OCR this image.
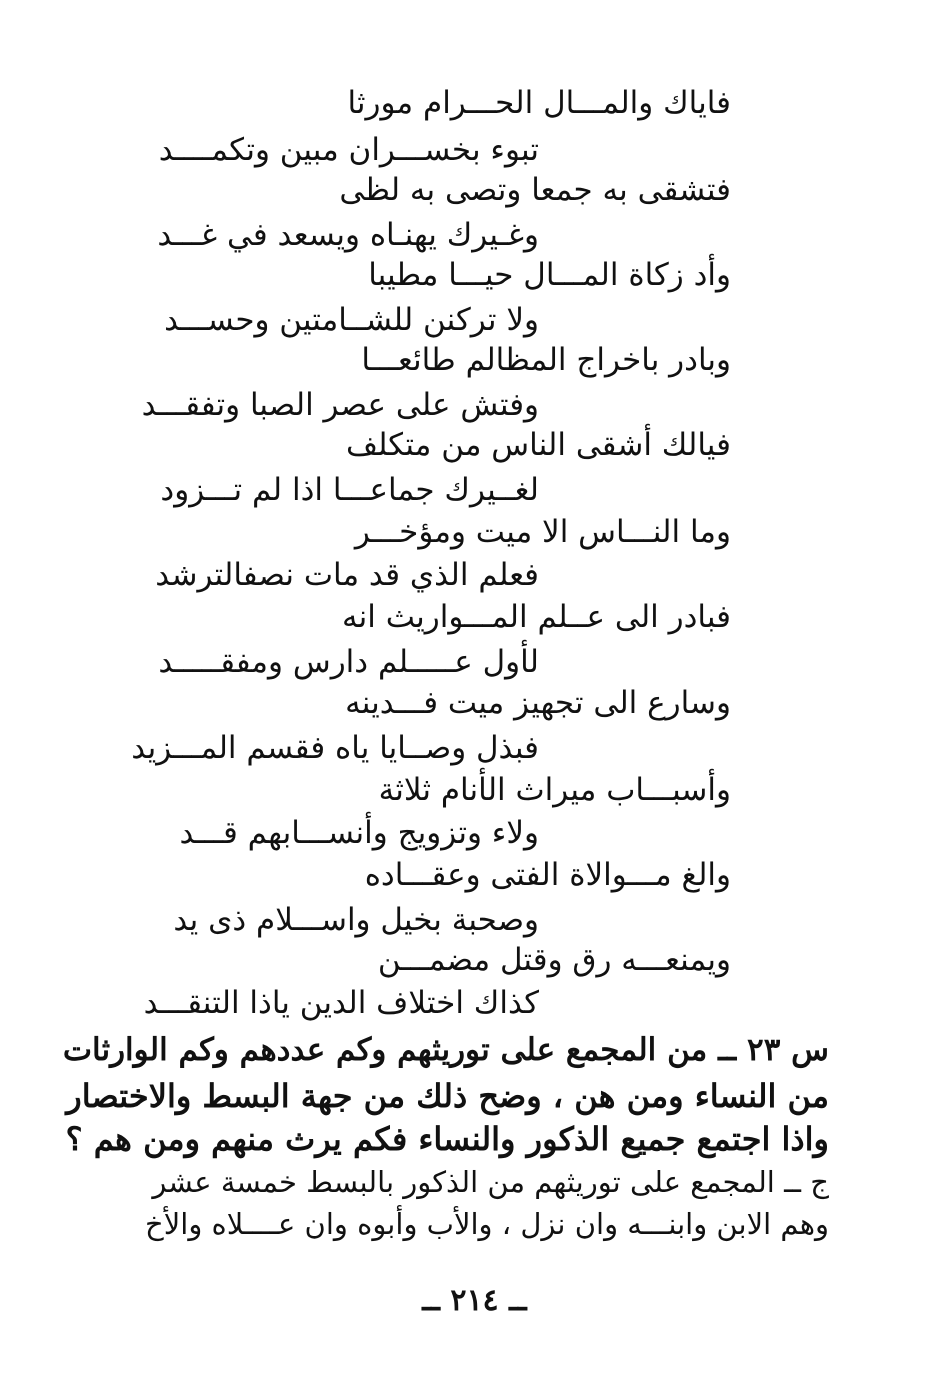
فاياك والمـــال الحـــرام مورثا
تبوء بخســـران مبين وتكمــــد
فتشقى به جمعا وتصى به لظى
وغـيرك يهنـاه ويسعد في غـــد
وأد زكاة المـــال حيـــا مطيبا
ولا تركنن للشــامتين وحســـد
وبادر باخراج المظالم طائعـــا
وفتش على عصر الصبا وتفقـــد
فيالك أشقى الناس من متكلف
لغــيرك جماعـــا اذا لم تـــزود
وما النـــاس الا ميت ومؤخـــر
فعلم الذي قد مات نصفالترشد
فبادر الى عــلم المـــواريث انه
لأول عـــــلم دارس ومفقـــــد
وسارع الى تجهيز ميت فـــدينه
فبذل وصــايا ياه فقسم المـــزيد
وأسبـــاب ميراث الأنام ثلاثة
ولاء وتزويج وأنســـابهم قـــد
والغ مـــوالاة الفتى وعقـــاده
وصحبة بخيل واســـلام ذى يد
ويمنعـــه رق وقتل مضمـــن
كذاك اختلاف الدين ياذا التنقـــد
س ٢٣ ــ من المجمع على توريثهم وكم عددهم وكم الوارثات
من النساء ومن هن ، وضح ذلك من جهة البسط والاختصار
واذا اجتمع جميع الذكور والنساء فكم يرث منهم ومن هم ؟
ج ــ المجمع على توريثهم من الذكور بالبسط خمسة عشر
وهم الابن وابنـــه وان نزل ، والأب وأبوه وان عــــلاه والأخ
ــ ٢١٤ ــ
